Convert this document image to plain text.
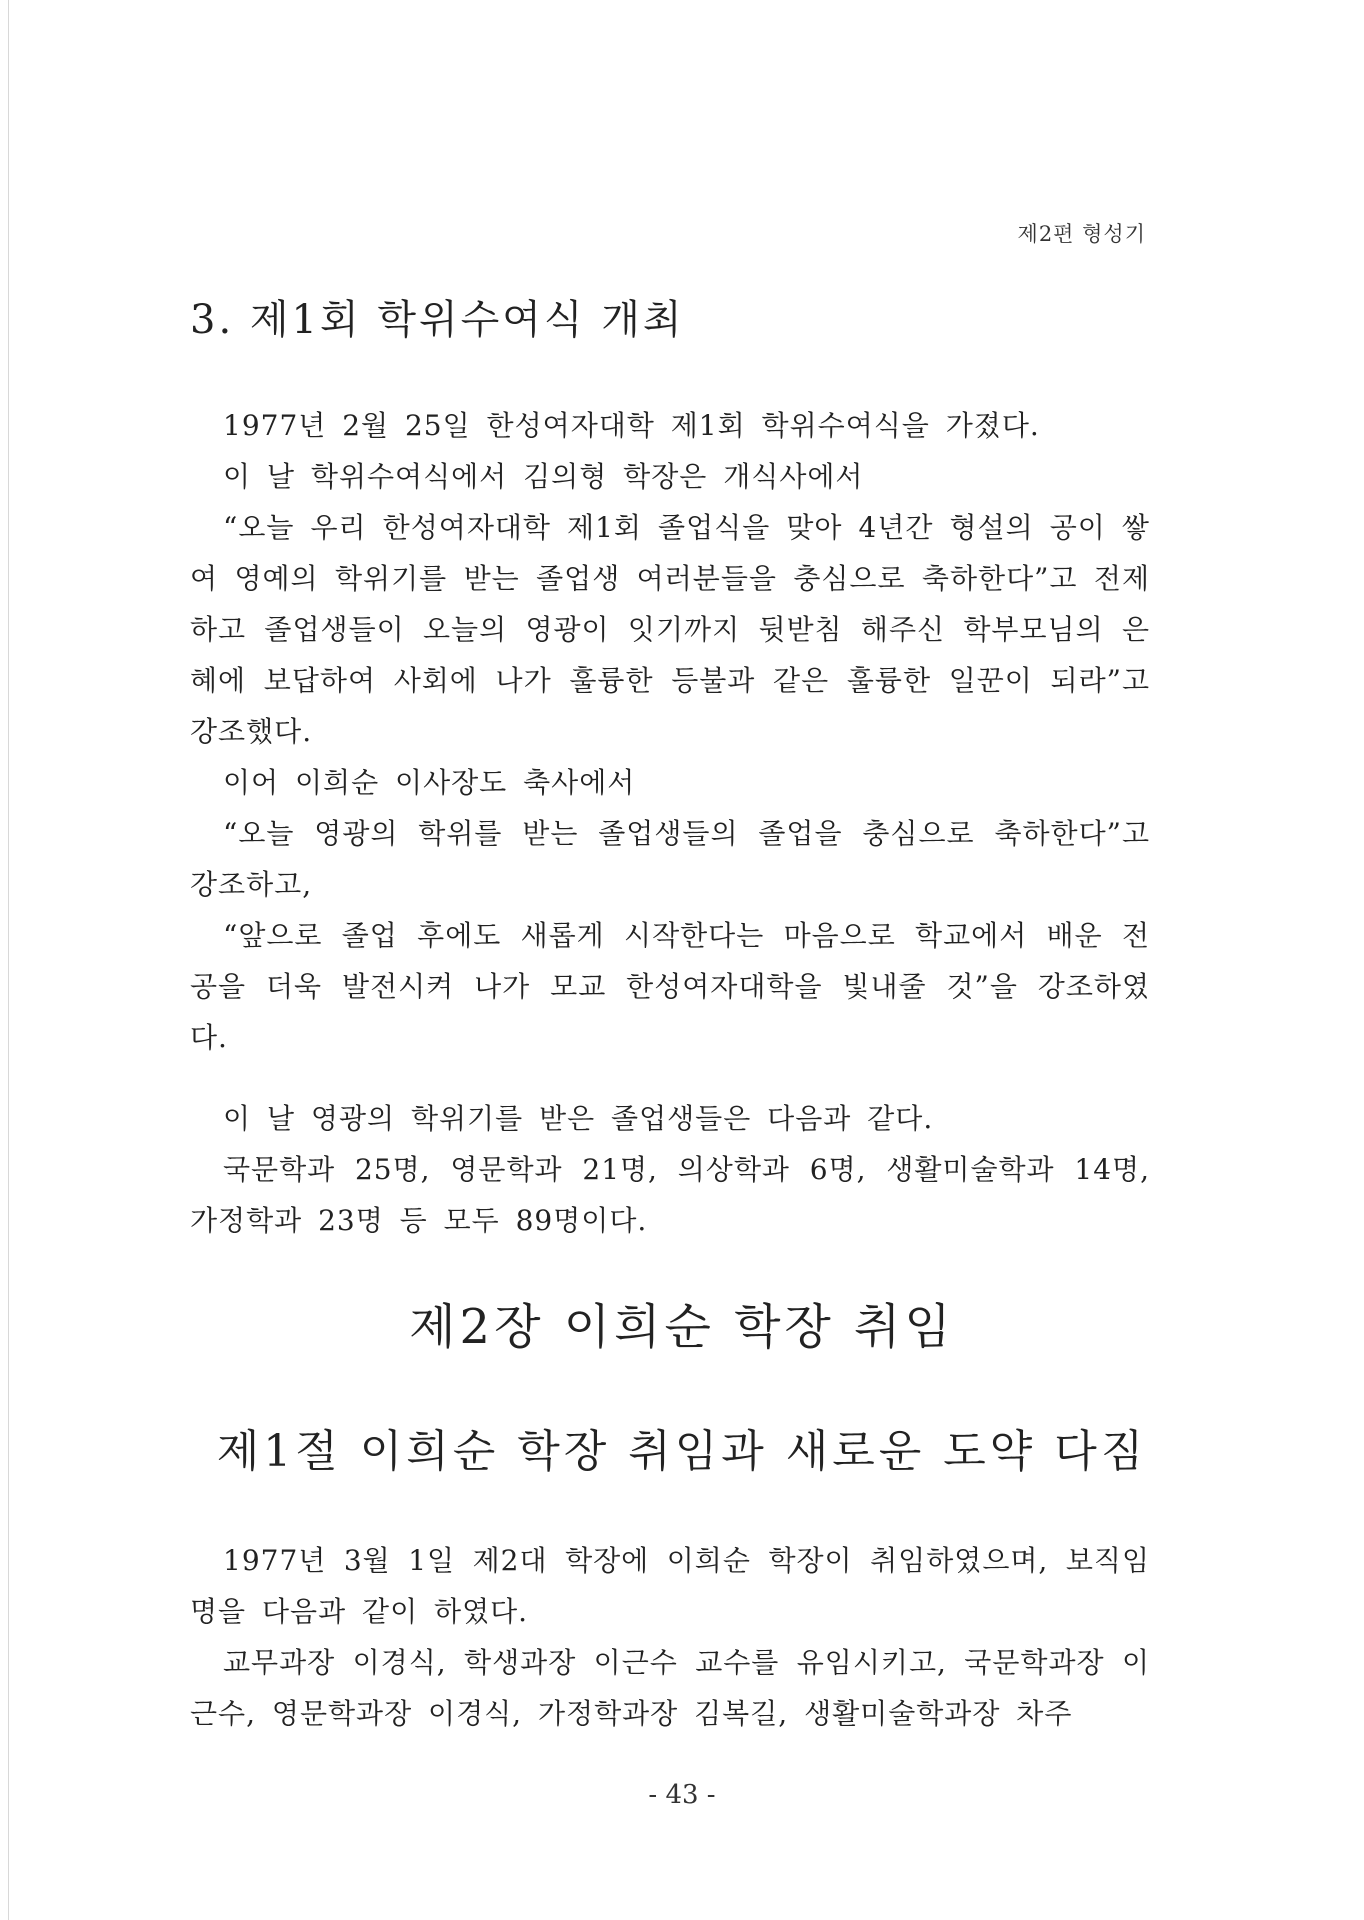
제2편 형성기
3. 제1회 학위수여식 개최

1977년 2월 25일 한성여자대학 제1회 학위수여식을 가졌다.

이 날 학위수여식에서 김의형 학장은 개식사에서

“오늘 우리 한성여자대학 제1회 졸업식을 맞아 4년간 형설의 공이 쌓여 영예의 학위기를 받는 졸업생 여러분들을 충심으로 축하한다”고 전제하고 졸업생들이 오늘의 영광이 잇기까지 뒷받침 해주신 학부모님의 은혜에 보답하여 사회에 나가 훌륭한 등불과 같은 훌륭한 일꾼이 되라”고 강조했다.

이어 이희순 이사장도 축사에서

“오늘 영광의 학위를 받는 졸업생들의 졸업을 충심으로 축하한다”고 강조하고,

“앞으로 졸업 후에도 새롭게 시작한다는 마음으로 학교에서 배운 전공을 더욱 발전시켜 나가 모교 한성여자대학을 빛내줄 것”을 강조하였다.

이 날 영광의 학위기를 받은 졸업생들은 다음과 같다.

국문학과 25명, 영문학과 21명, 의상학과 6명, 생활미술학과 14명, 가정학과 23명 등 모두 89명이다.

제2장 이희순 학장 취임
제1절 이희순 학장 취임과 새로운 도약 다짐

1977년 3월 1일 제2대 학장에 이희순 학장이 취임하였으며, 보직임명을 다음과 같이 하였다.

교무과장 이경식, 학생과장 이근수 교수를 유임시키고, 국문학과장 이근수, 영문학과장 이경식, 가정학과장 김복길, 생활미술학과장 차주

- 43 -
